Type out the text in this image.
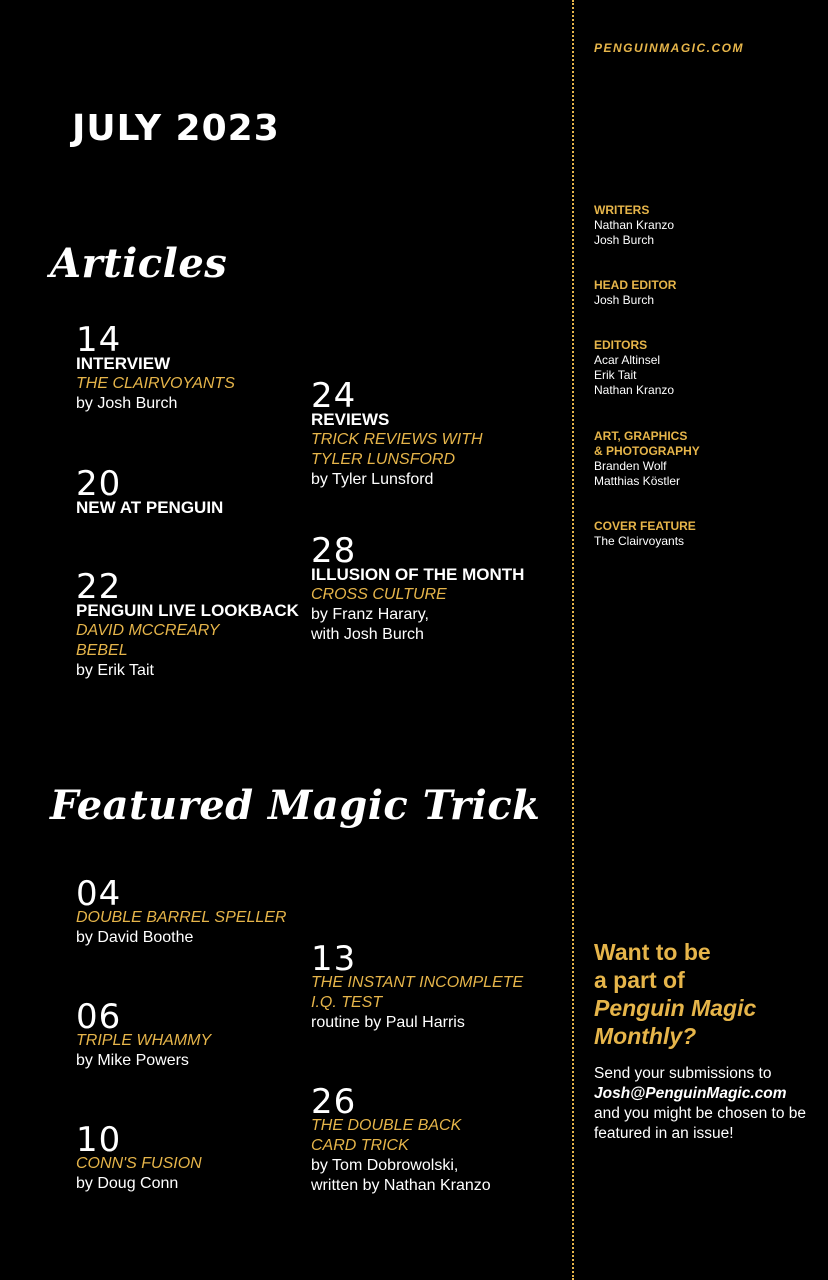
JULY 2023
Articles
14
INTERVIEW
THE CLAIRVOYANTS
by Josh Burch
20
NEW AT PENGUIN
22
PENGUIN LIVE LOOKBACK
DAVID MCCREARY
BEBEL
by Erik Tait
24
REVIEWS
TRICK REVIEWS WITH
TYLER LUNSFORD
by Tyler Lunsford
28
ILLUSION OF THE MONTH
CROSS CULTURE
by Franz Harary,
with Josh Burch
Featured Magic Trick
04
DOUBLE BARREL SPELLER
by David Boothe
06
TRIPLE WHAMMY
by Mike Powers
10
CONN'S FUSION
by Doug Conn
13
THE INSTANT INCOMPLETE
I.Q. TEST
routine by Paul Harris
26
THE DOUBLE BACK
CARD TRICK
by Tom Dobrowolski,
written by Nathan Kranzo
PENGUINMAGIC.COM
WRITERS
Nathan Kranzo
Josh Burch
HEAD EDITOR
Josh Burch
EDITORS
Acar Altinsel
Erik Tait
Nathan Kranzo
ART, GRAPHICS
& PHOTOGRAPHY
Branden Wolf
Matthias Köstler
COVER FEATURE
The Clairvoyants
Want to be
a part of
Penguin Magic
Monthly?
Send your submissions to
Josh@PenguinMagic.com
and you might be chosen to be featured in an issue!
